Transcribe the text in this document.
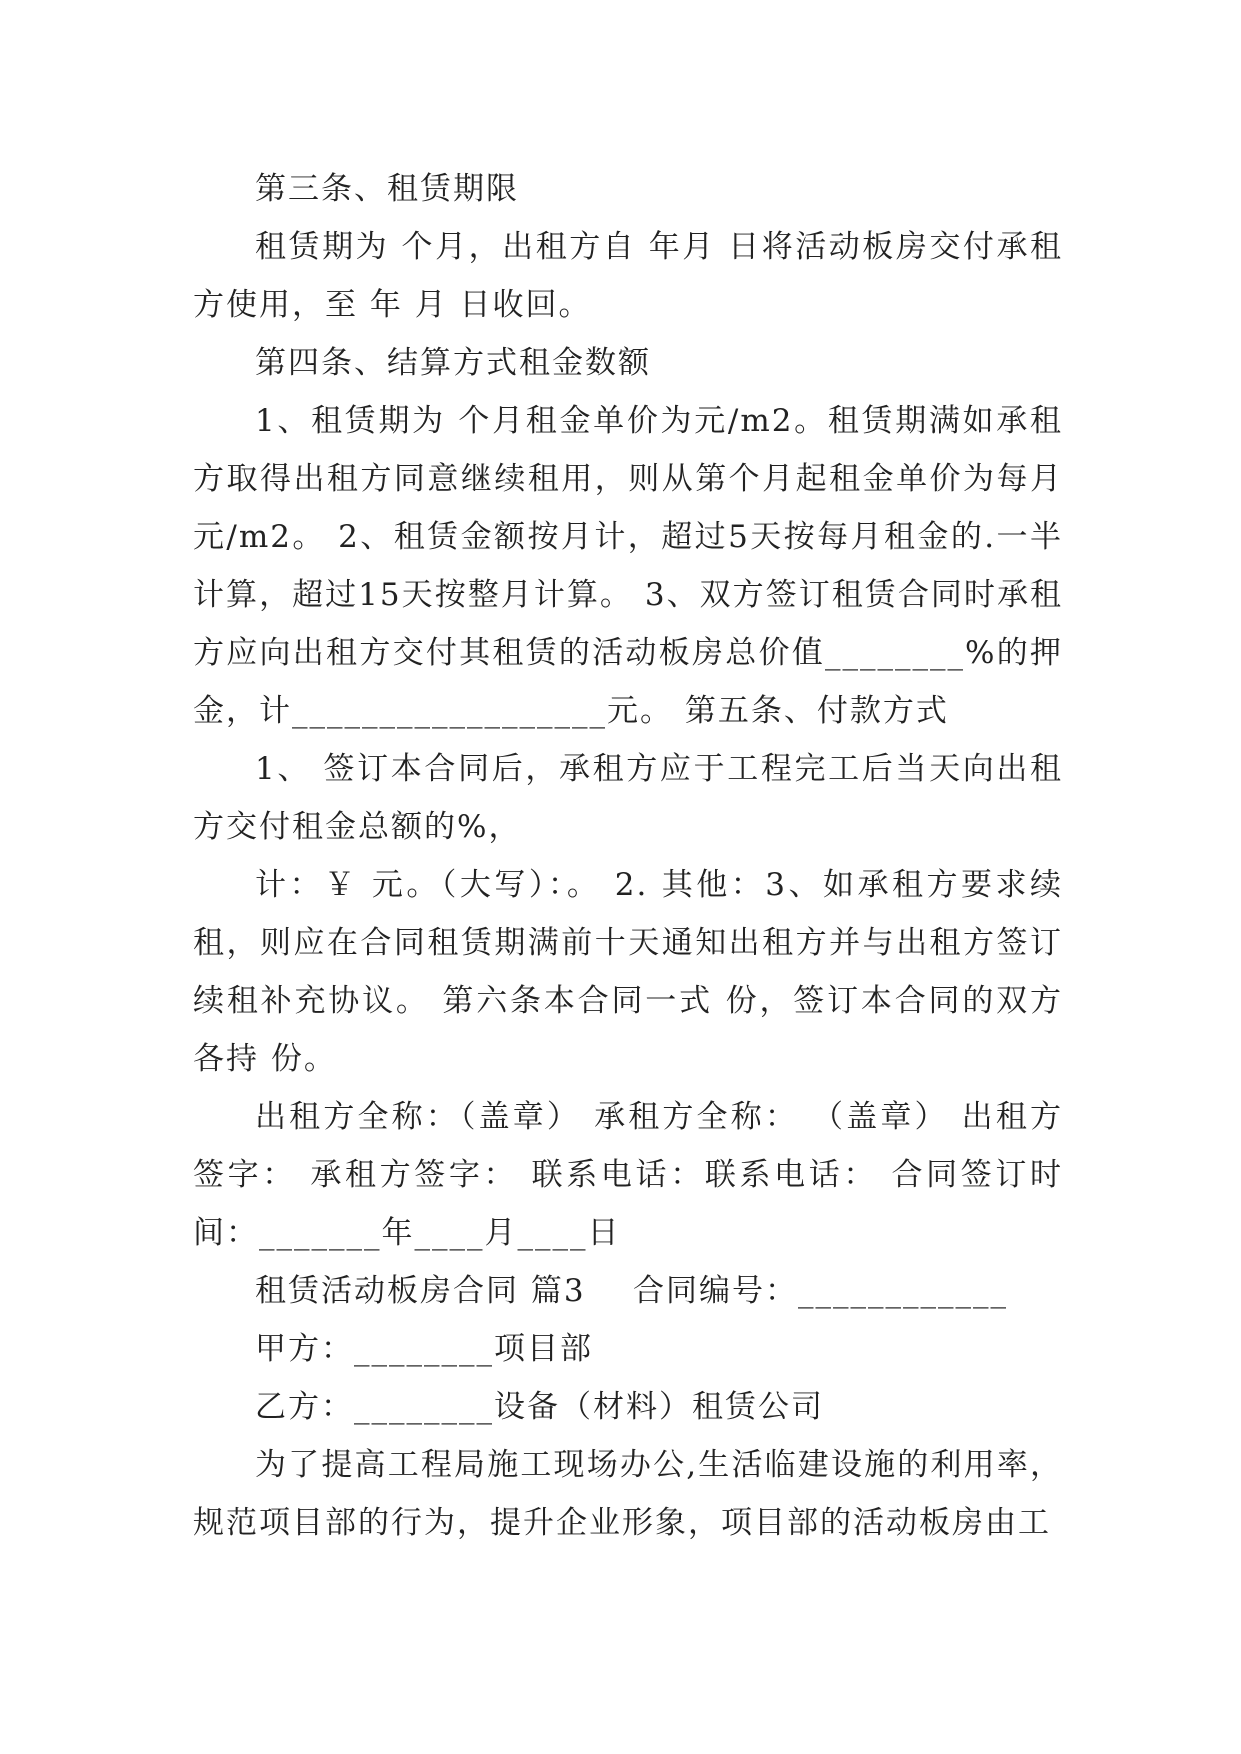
第三条、租赁期限

租赁期为 个月，出租方自 年月 日将活动板房交付承租方使用，至 年 月 日收回。

第四条、结算方式租金数额

1、租赁期为 个月租金单价为元/m2。租赁期满如承租方取得出租方同意继续租用，则从第个月起租金单价为每月元/m2。 2、租赁金额按月计，超过5天按每月租金的.一半计算，超过15天按整月计算。 3、双方签订租赁合同时承租方应向出租方交付其租赁的活动板房总价值________%的押金，计__________________元。 第五条、付款方式

1、 签订本合同后，承租方应于工程完工后当天向出租方交付租金总额的%，

计：￥ 元。（大写）：。 2. 其他：3、如承租方要求续租，则应在合同租赁期满前十天通知出租方并与出租方签订续租补充协议。 第六条本合同一式 份，签订本合同的双方各持 份。

出租方全称：（盖章） 承租方全称： （盖章） 出租方签字： 承租方签字： 联系电话：联系电话： 合同签订时间：_______年____月____日

租赁活动板房合同 篇3    合同编号：____________

甲方：________项目部

乙方：________设备（材料）租赁公司

为了提高工程局施工现场办公,生活临建设施的利用率，规范项目部的行为，提升企业形象，项目部的活动板房由工
